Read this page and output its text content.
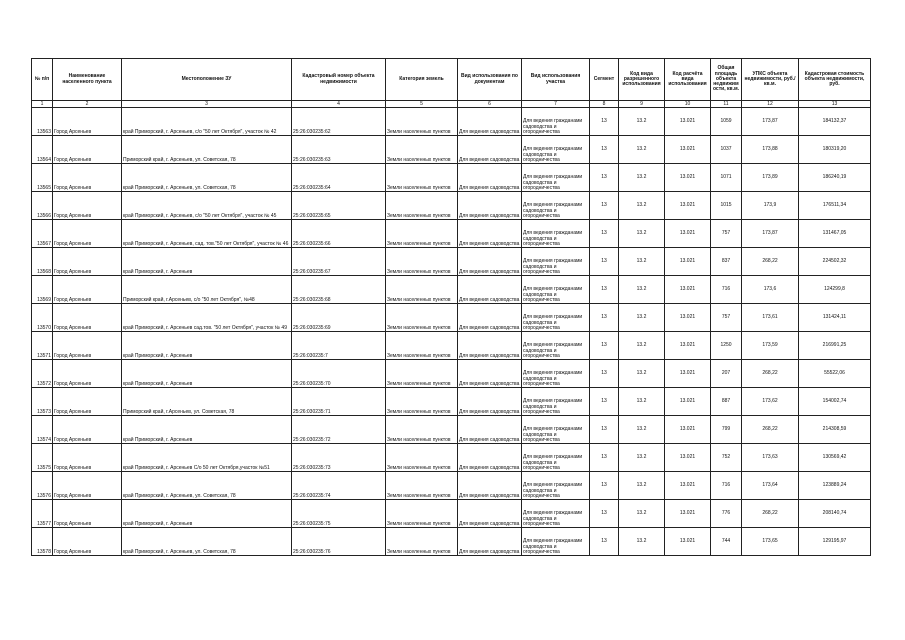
№ п/п	Наименование населенного пункта	Местоположение ЗУ	Кадастровый номер объекта недвижимости	Категория земель	Вид использования по документам	Вид использования участка	Сегмент	Код вида разрешенного использования	Код расчёта вида использования	Общая площадь объекта недвижим ости, кв.м.	УПКС объекта недвижимости, руб./кв.м.	Кадастровая стоимость объекта недвижимости, руб.
1	2	3	4	5	6	7	8	9	10	11	12	13
13563	Город Арсеньев	край Приморский, г. Арсеньев, с/о "50 лет Октября", участок № 42	25:26:030235:62	Земли населенных пунктов	Для ведения садоводства	Для ведения гражданами садоводства и огородничества	13	13.2	13.021	1059	173,87	184132,37
13564	Город Арсеньев	Приморский край, г. Арсеньев, ул. Советская, 78	25:26:030235:63	Земли населенных пунктов	Для ведения садоводства	Для ведения гражданами садоводства и огородничества	13	13.2	13.021	1037	173,88	180319,20
13565	Город Арсеньев	край Приморский, г. Арсеньев, ул. Советская, 78	25:26:030235:64	Земли населенных пунктов	Для ведения садоводства	Для ведения гражданами садоводства и огородничества	13	13.2	13.021	1071	173,89	186240,19
13566	Город Арсеньев	край Приморский, г. Арсеньев, с/о "50 лет Октября", участок № 45	25:26:030235:65	Земли населенных пунктов	Для ведения садоводства	Для ведения гражданами садоводства и огородничества	13	13.2	13.021	1015	173,9	176511,34
13567	Город Арсеньев	край Приморский, г. Арсеньев, сад. тов."50 лет Октября", участок № 46	25:26:030235:66	Земли населенных пунктов	Для ведения садоводства	Для ведения гражданами садоводства и огородничества	13	13.2	13.021	757	173,87	131467,05
13568	Город Арсеньев	край Приморский, г. Арсеньев	25:26:030235:67	Земли населенных пунктов	Для ведения садоводства	Для ведения гражданами садоводства и огородничества	13	13.2	13.021	837	268,22	224502,32
13569	Город Арсеньев	Приморский край, г.Арсеньев, с/о "50 лет Октября", №48	25:26:030235:68	Земли населенных пунктов	Для ведения садоводства	Для ведения гражданами садоводства и огородничества	13	13.2	13.021	716	173,6	124299,8
13570	Город Арсеньев	край Приморский, г. Арсеньев сад.тов. "50 лет Октября", участок № 49	25:26:030235:69	Земли населенных пунктов	Для ведения садоводства	Для ведения гражданами садоводства и огородничества	13	13.2	13.021	757	173,61	131424,11
13571	Город Арсеньев	край Приморский, г. Арсеньев	25:26:030235:7	Земли населенных пунктов	Для ведения садоводства	Для ведения гражданами садоводства и огородничества	13	13.2	13.021	1250	173,59	216991,25
13572	Город Арсеньев	край Приморский, г. Арсеньев	25:26:030235:70	Земли населенных пунктов	Для ведения садоводства	Для ведения гражданами садоводства и огородничества	13	13.2	13.021	207	268,22	55522,06
13573	Город Арсеньев	Приморский край, г.Арсеньев, ул. Советская, 78	25:26:030235:71	Земли населенных пунктов	Для ведения садоводства	Для ведения гражданами садоводства и огородничества	13	13.2	13.021	887	173,62	154002,74
13574	Город Арсеньев	край Приморский, г. Арсеньев	25:26:030235:72	Земли населенных пунктов	Для ведения садоводства	Для ведения гражданами садоводства и огородничества	13	13.2	13.021	799	268,22	214308,59
13575	Город Арсеньев	край Приморский, г. Арсеньев С/о 50 лет Октября,участок №51	25:26:030235:73	Земли населенных пунктов	Для ведения садоводства	Для ведения гражданами садоводства и огородничества	13	13.2	13.021	752	173,63	130569,42
13576	Город Арсеньев	край Приморский, г. Арсеньев, ул. Советская, 78	25:26:030235:74	Земли населенных пунктов	Для ведения садоводства	Для ведения гражданами садоводства и огородничества	13	13.2	13.021	716	173,64	123889,24
13577	Город Арсеньев	край Приморский, г. Арсеньев	25:26:030235:75	Земли населенных пунктов	Для ведения садоводства	Для ведения гражданами садоводства и огородничества	13	13.2	13.021	776	268,22	208140,74
13578	Город Арсеньев	край Приморский, г. Арсеньев, ул. Советская, 78	25:26:030235:76	Земли населенных пунктов	Для ведения садоводства	Для ведения гражданами садоводства и огородничества	13	13.2	13.021	744	173,65	129195,97
